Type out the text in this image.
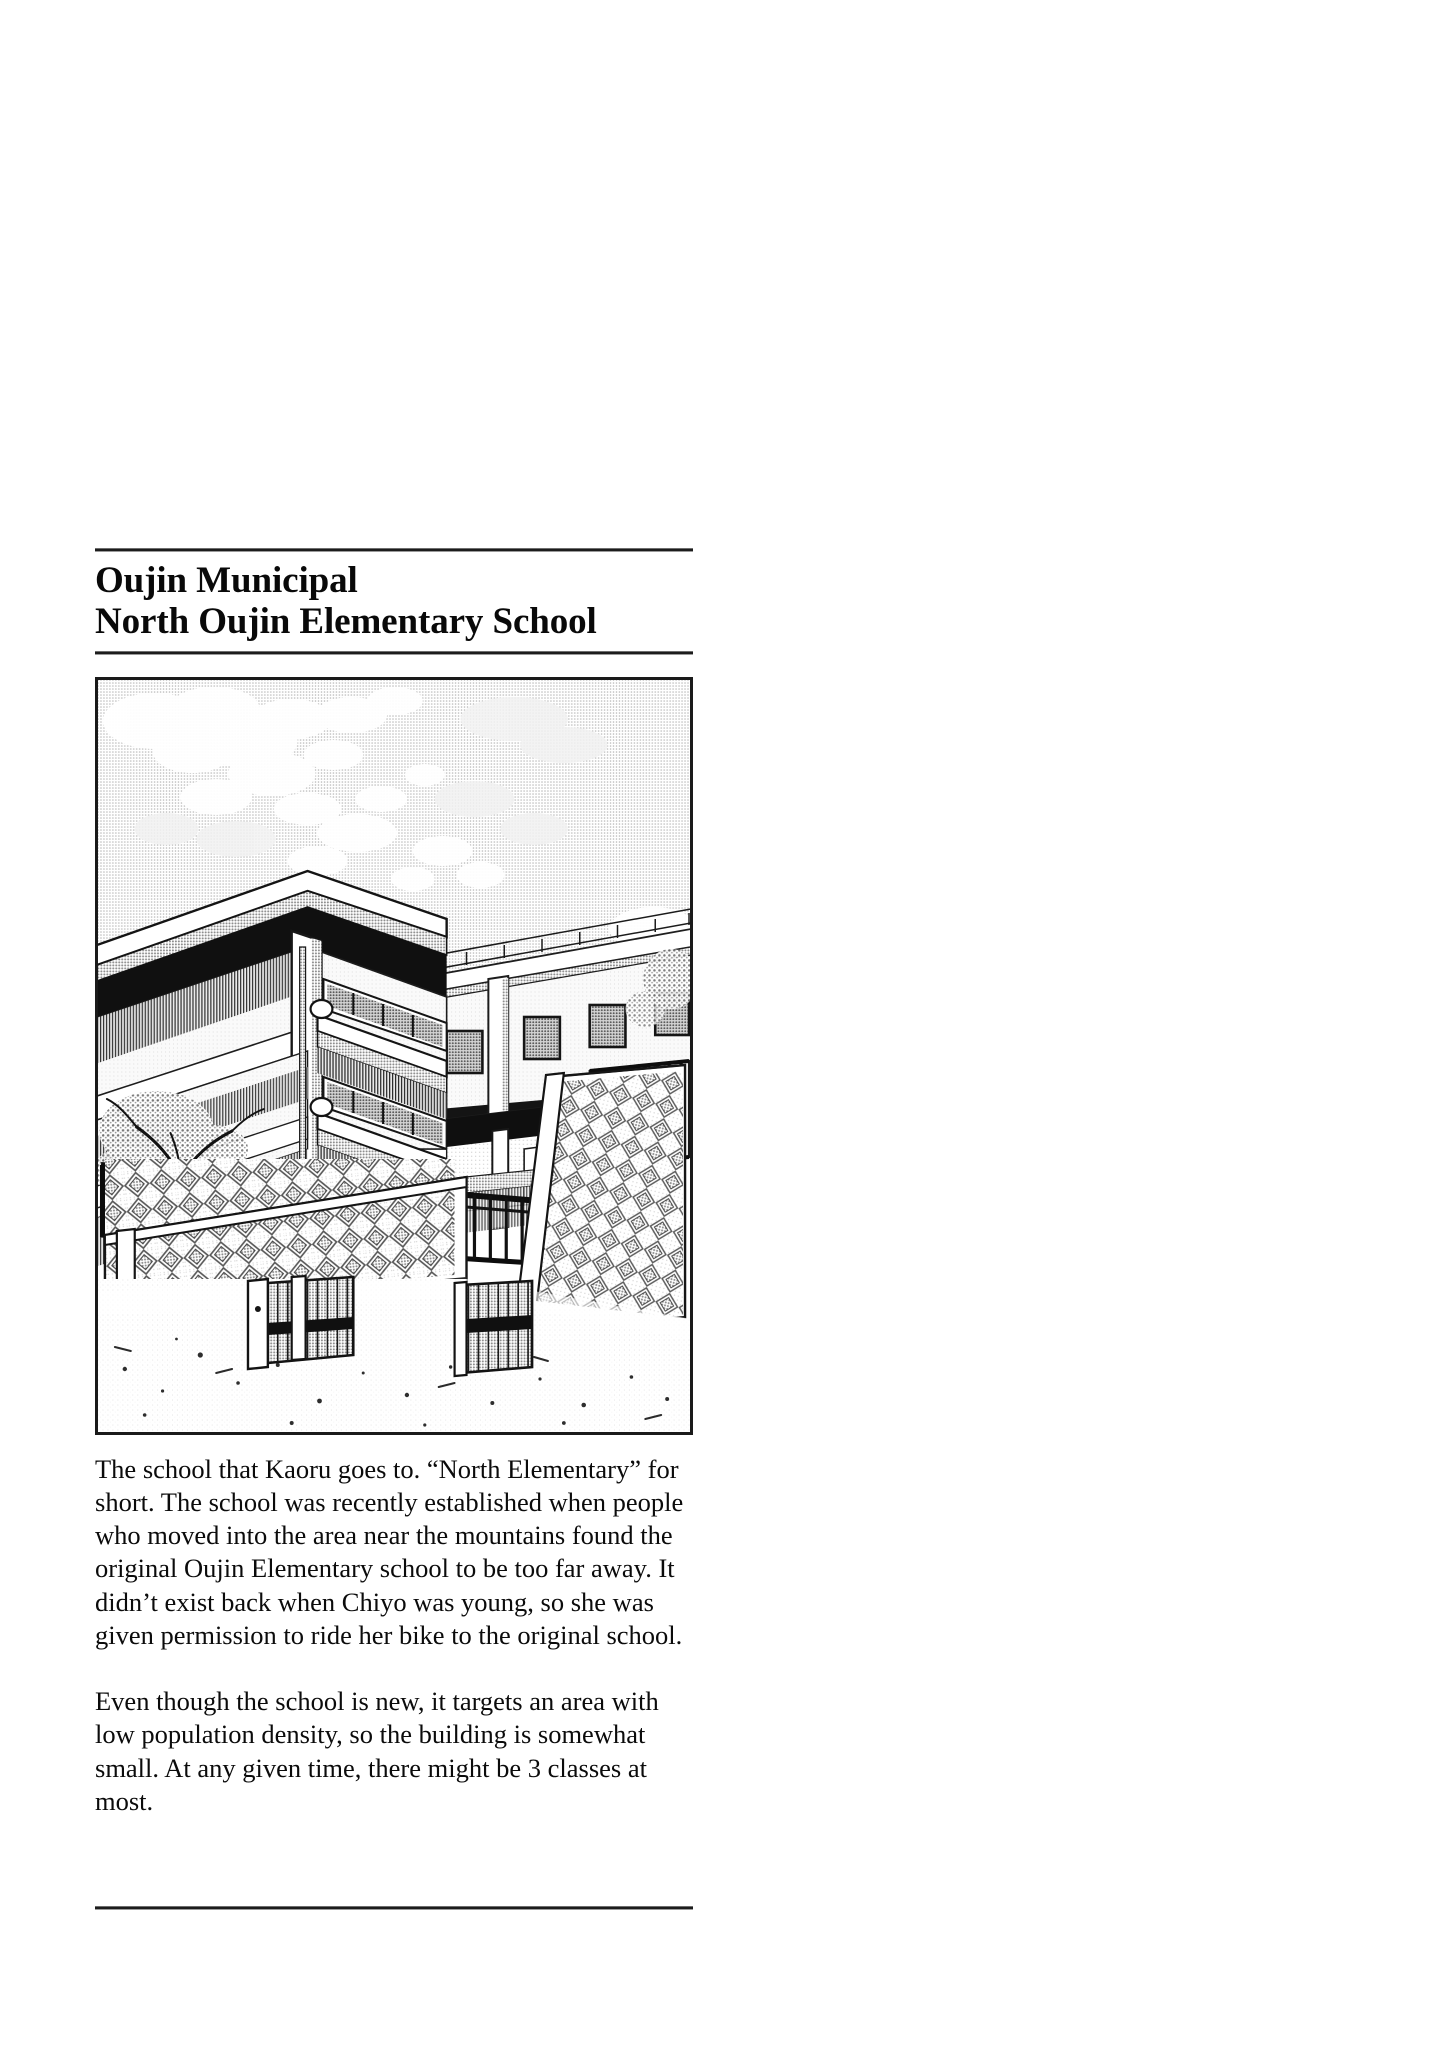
Oujin Municipal
North Oujin Elementary School

The school that Kaoru goes to. “North Elementary” for short. The school was recently established when people who moved into the area near the mountains found the original Oujin Elementary school to be too far away. It didn’t exist back when Chiyo was young, so she was given permission to ride her bike to the original school.

Even though the school is new, it targets an area with low population density, so the building is somewhat small. At any given time, there might be 3 classes at most.
